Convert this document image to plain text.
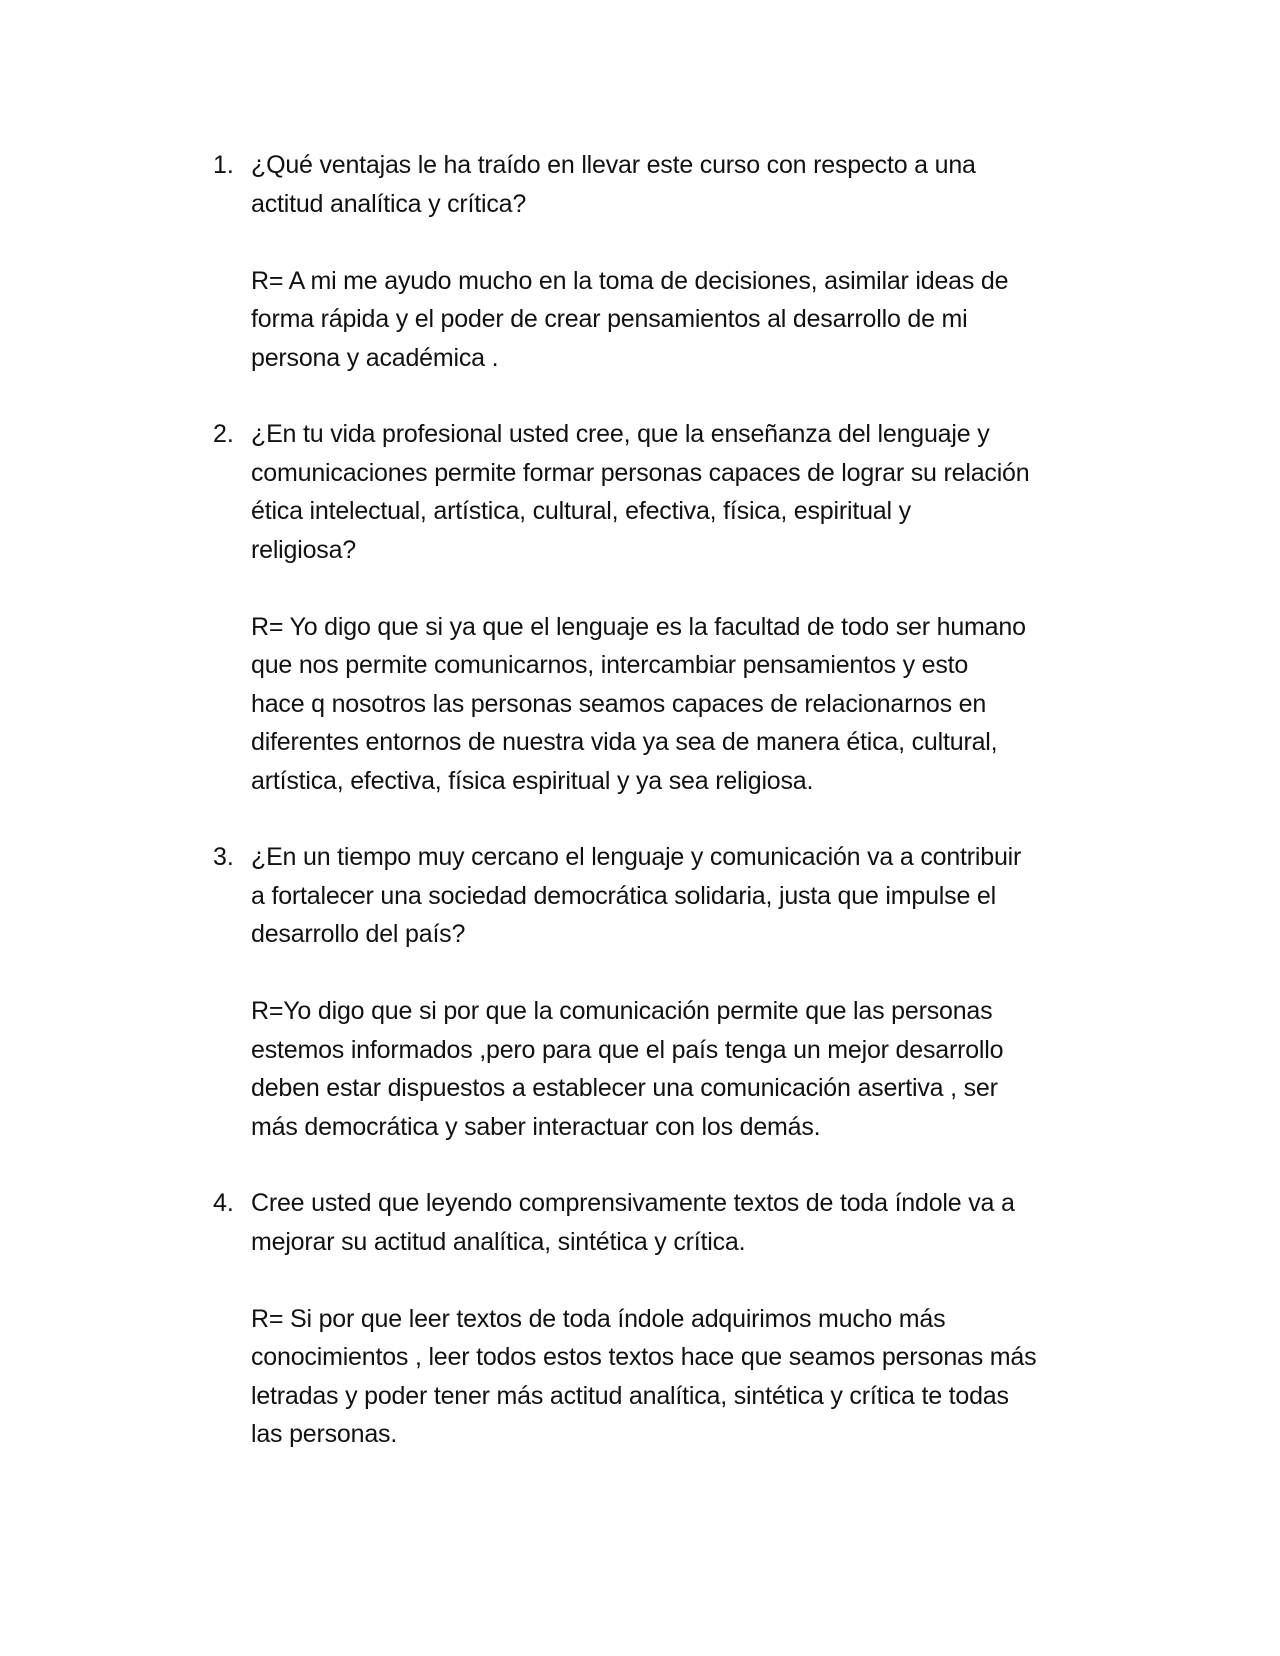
1. ¿Qué ventajas le ha traído en llevar este curso con respecto a una
actitud analítica y crítica?

R= A mi me ayudo mucho en la toma de decisiones, asimilar ideas de
forma rápida y el poder de crear pensamientos al desarrollo de mi
persona y académica .

2. ¿En tu vida profesional usted cree, que la enseñanza del lenguaje y
comunicaciones permite formar personas capaces de lograr su relación
ética intelectual, artística, cultural, efectiva, física, espiritual y
religiosa?

R= Yo digo que si ya que el lenguaje es la facultad de todo ser humano
que nos permite comunicarnos, intercambiar pensamientos y esto
hace q nosotros las personas seamos capaces de relacionarnos en
diferentes entornos de nuestra vida ya sea de manera ética, cultural,
artística, efectiva, física espiritual y ya sea religiosa.

3. ¿En un tiempo muy cercano el lenguaje y comunicación va a contribuir
a fortalecer una sociedad democrática solidaria, justa que impulse el
desarrollo del país?

R=Yo digo que si por que la comunicación permite que las personas
estemos informados ,pero para que el país tenga un mejor desarrollo
deben estar dispuestos a establecer una comunicación asertiva , ser
más democrática y saber interactuar con los demás.

4. Cree usted que leyendo comprensivamente textos de toda índole va a
mejorar su actitud analítica, sintética y crítica.

R= Si por que leer textos de toda índole adquirimos mucho más
conocimientos , leer todos estos textos hace que seamos personas más
letradas y poder tener más actitud analítica, sintética y crítica te todas
las personas.
